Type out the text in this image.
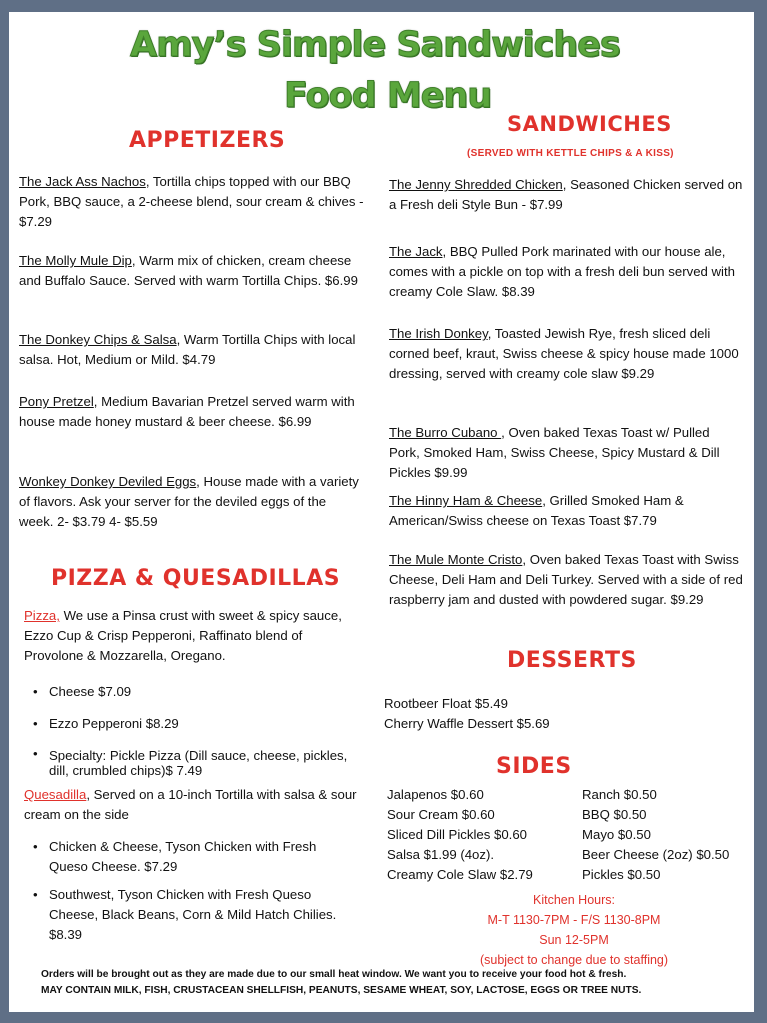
Amy’s Simple Sandwiches
Food Menu
APPETIZERS
The Jack Ass Nachos, Tortilla chips topped with our BBQ Pork, BBQ sauce, a 2-cheese blend, sour cream & chives - $7.29
The Molly Mule Dip, Warm mix of chicken, cream cheese and Buffalo Sauce. Served with warm Tortilla Chips. $6.99
The Donkey Chips & Salsa, Warm Tortilla Chips with local salsa. Hot, Medium or Mild. $4.79
Pony Pretzel, Medium Bavarian Pretzel served warm with house made honey mustard & beer cheese. $6.99
Wonkey Donkey Deviled Eggs, House made with a variety of flavors. Ask your server for the deviled eggs of the week. 2- $3.79 4- $5.59
PIZZA & QUESADILLAS
Pizza, We use a Pinsa crust with sweet & spicy sauce, Ezzo Cup & Crisp Pepperoni, Raffinato blend of Provolone & Mozzarella, Oregano.
• Cheese $7.09
• Ezzo Pepperoni $8.29
• Specialty: Pickle Pizza (Dill sauce, cheese, pickles, dill, crumbled chips)$ 7.49
Quesadilla, Served on a 10-inch Tortilla with salsa & sour cream on the side
• Chicken & Cheese, Tyson Chicken with Fresh Queso Cheese. $7.29
• Southwest, Tyson Chicken with Fresh Queso Cheese, Black Beans, Corn & Mild Hatch Chilies. $8.39
SANDWICHES
(SERVED WITH KETTLE CHIPS & A KISS)
The Jenny Shredded Chicken, Seasoned Chicken served on a Fresh deli Style Bun - $7.99
The Jack, BBQ Pulled Pork marinated with our house ale, comes with a pickle on top with a fresh deli bun served with creamy Cole Slaw. $8.39
The Irish Donkey, Toasted Jewish Rye, fresh sliced deli corned beef, kraut, Swiss cheese & spicy house made 1000 dressing, served with creamy cole slaw $9.29
The Burro Cubano , Oven baked Texas Toast w/ Pulled Pork, Smoked Ham, Swiss Cheese, Spicy Mustard & Dill Pickles $9.99
The Hinny Ham & Cheese, Grilled Smoked Ham & American/Swiss cheese on Texas Toast $7.79
The Mule Monte Cristo, Oven baked Texas Toast with Swiss Cheese, Deli Ham and Deli Turkey. Served with a side of red raspberry jam and dusted with powdered sugar. $9.29
DESSERTS
Rootbeer Float $5.49
Cherry Waffle Dessert $5.69
SIDES
Jalapenos $0.60
Sour Cream $0.60
Sliced Dill Pickles $0.60
Salsa $1.99 (4oz).
Creamy Cole Slaw $2.79
Ranch $0.50
BBQ $0.50
Mayo $0.50
Beer Cheese (2oz) $0.50
Pickles $0.50
Kitchen Hours:
M-T 1130-7PM - F/S 1130-8PM
Sun 12-5PM
(subject to change due to staffing)
Orders will be brought out as they are made due to our small heat window. We want you to receive your food hot & fresh.
MAY CONTAIN MILK, FISH, CRUSTACEAN SHELLFISH, PEANUTS, SESAME WHEAT, SOY, LACTOSE, EGGS OR TREE NUTS.
